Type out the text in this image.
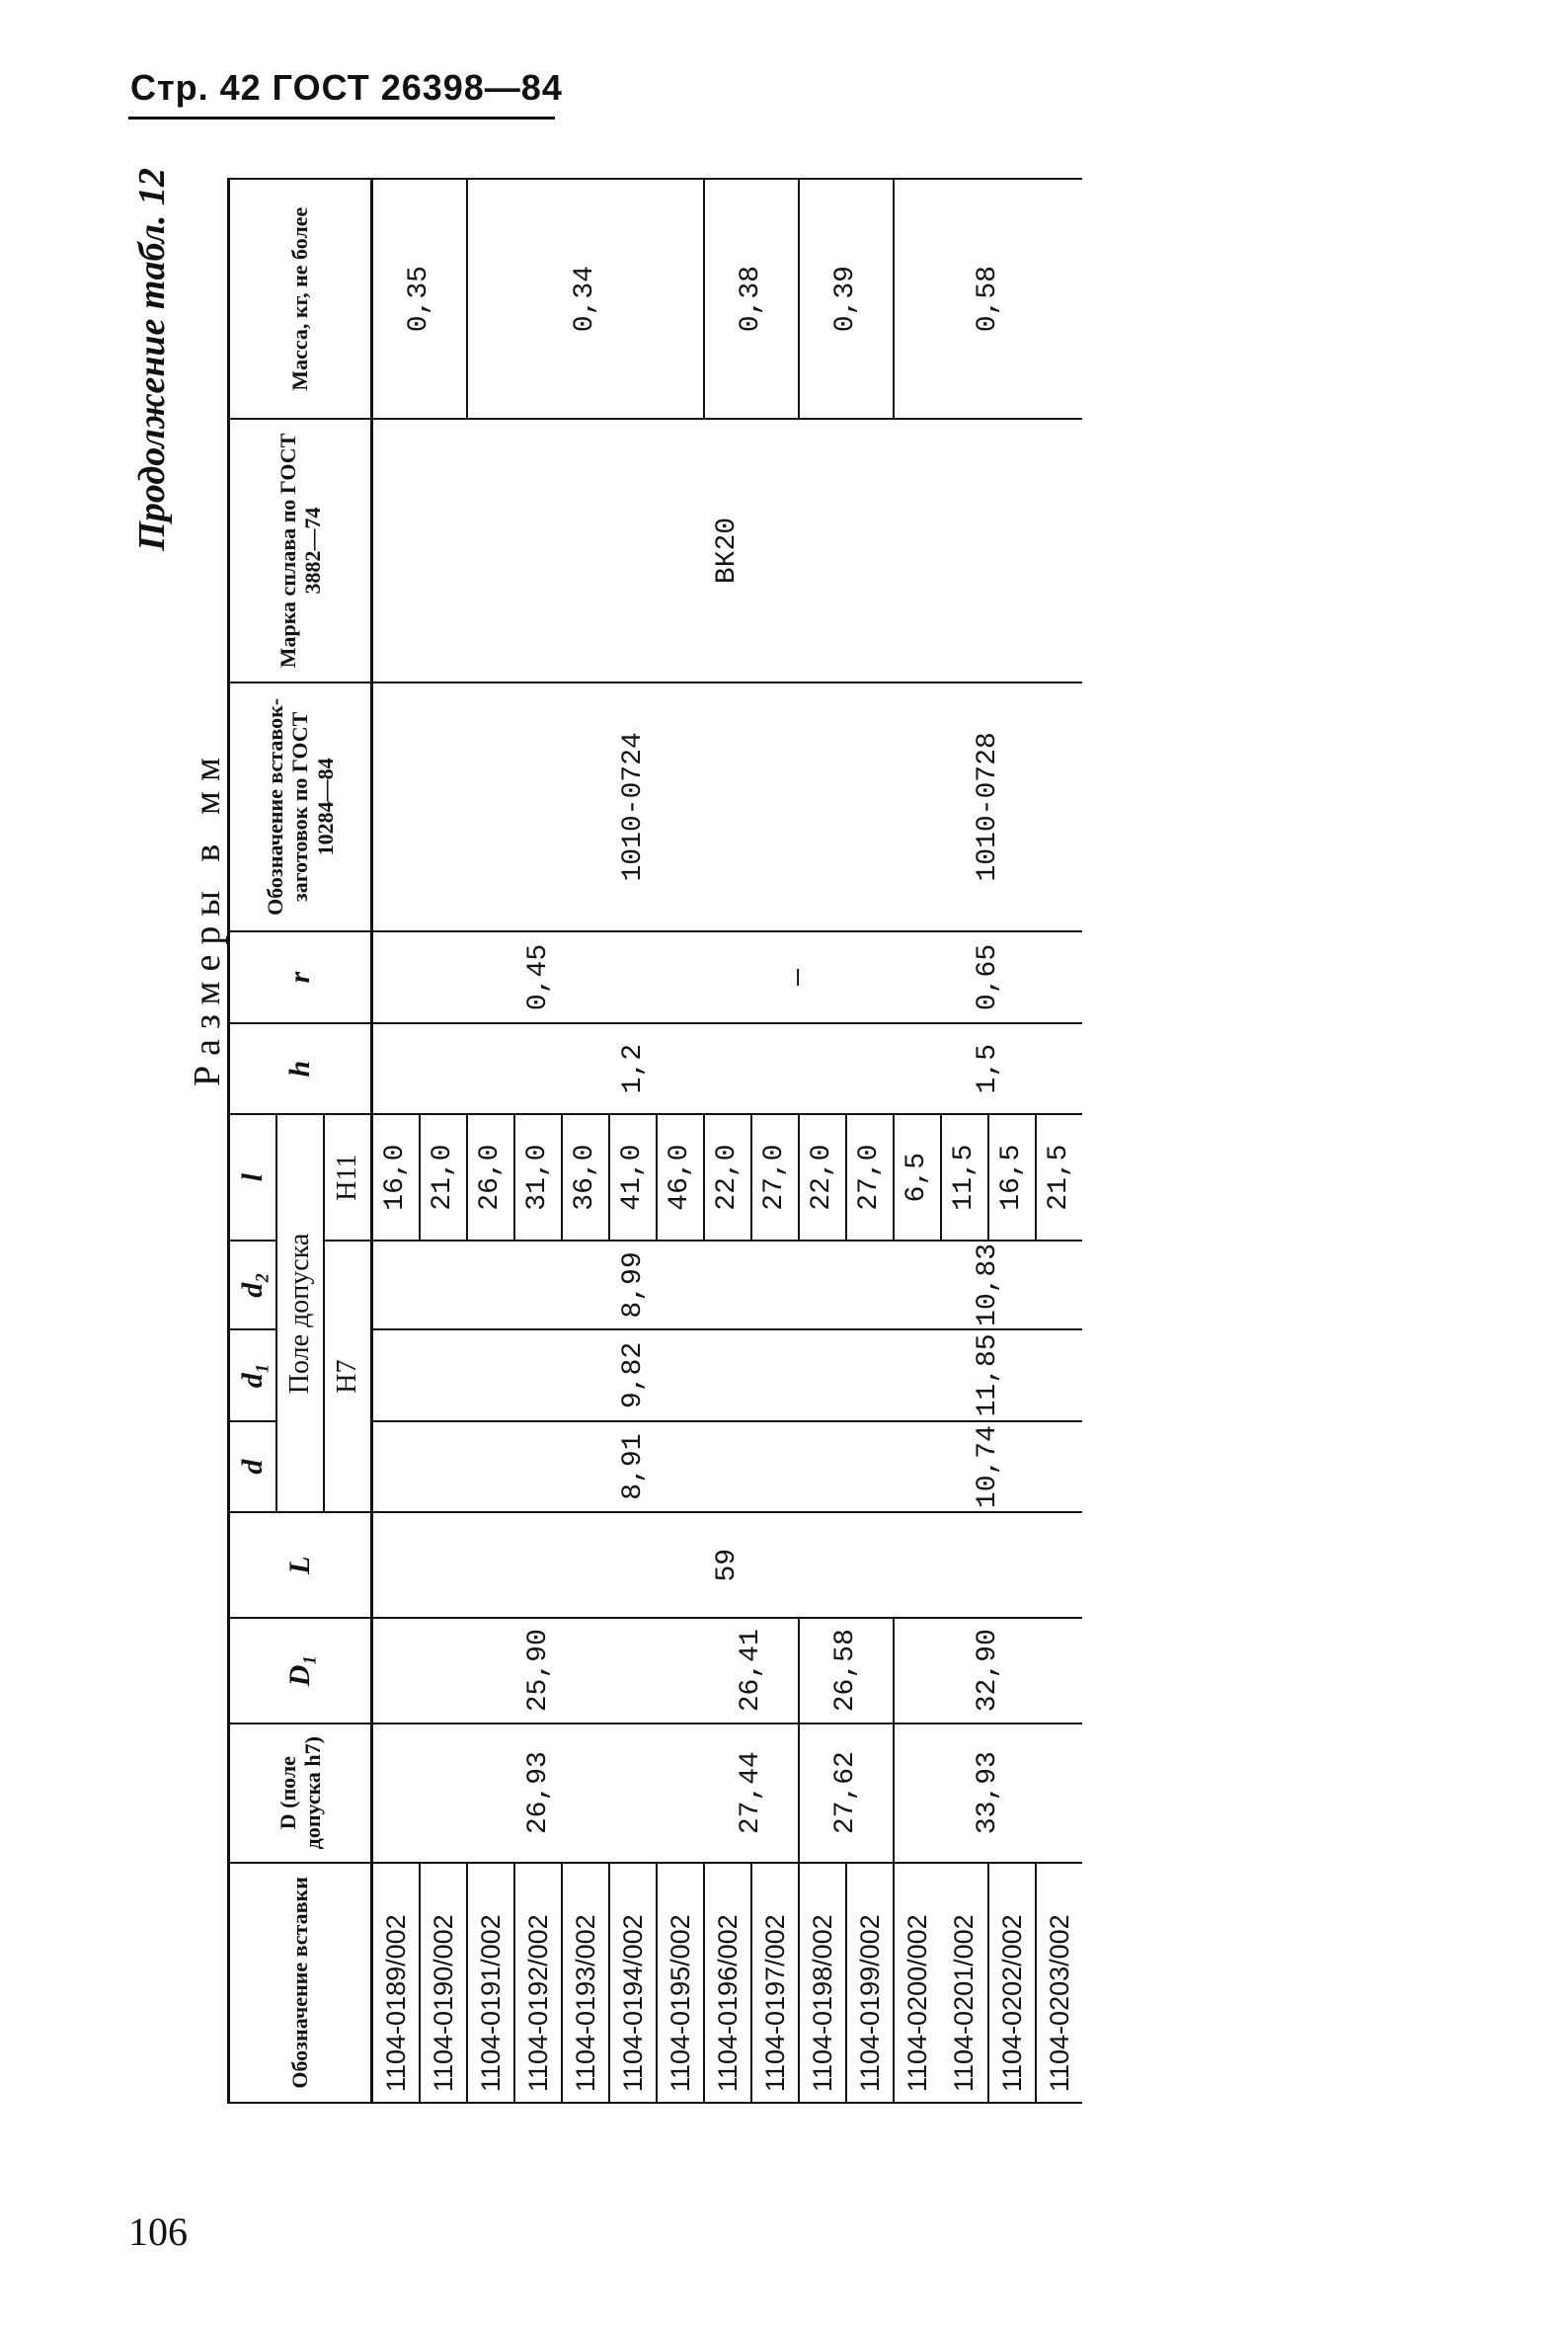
Стр. 42 ГОСТ 26398—84
Продолжение табл. 12
Размеры в мм
Обозначение вставки	D (поле допуска h7)	D₁	L	d	d₁	d₂	l	h	r	Обозначение вставок-заготовок по ГОСТ 10284—84	Марка сплава по ГОСТ 3882—74	Масса, кг, не более
				Поле допуска								
				H7			H11					
1104-0189/002	26,93	25,90	59	8,91	9,82	8,99	16,0	1,2	0,45	1010-0724	ВК20	0,35
1104-0190/002							21,0					
1104-0191/002							26,0					0,34
1104-0192/002							31,0					
1104-0193/002							36,0					
1104-0194/002							41,0					
1104-0195/002							46,0					
1104-0196/002	27,44	26,41					22,0		—			0,38
1104-0197/002							27,0					
1104-0198/002	27,62	26,58					22,0					0,39
1104-0199/002							27,0					
1104-0200/002	33,93	32,90		10,74	11,85	10,83	6,5	1,5	0,65	1010-0728		0,58
1104-0201/002							11,5					
1104-0202/002							16,5					
1104-0203/002							21,5					
106
